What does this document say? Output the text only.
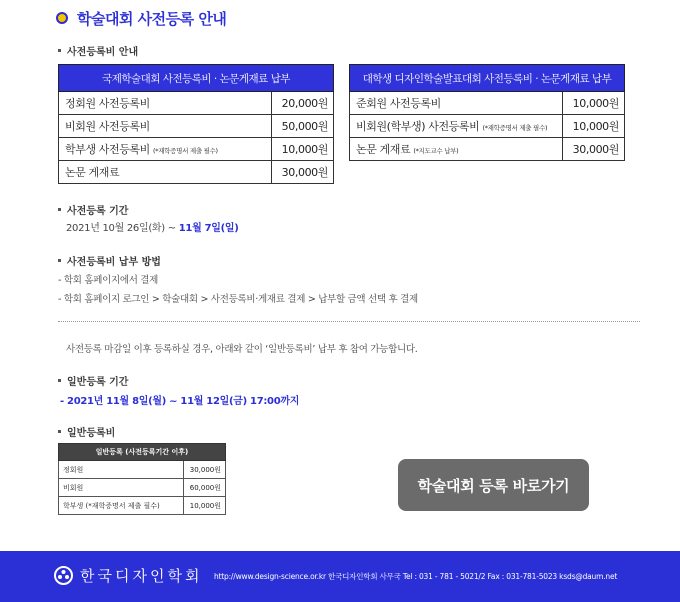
학술대회 사전등록 안내
사전등록비 안내
국제학술대회 사전등록비 · 논문게재료 납부	
정회원 사전등록비	20,000원
비회원 사전등록비	50,000원
학부생 사전등록비 (*재학증명서 제출 필수)	10,000원
논문 게재료	30,000원
대학생 디자인학술발표대회 사전등록비 · 논문게재료 납부	
준회원 사전등록비	10,000원
비회원(학부생) 사전등록비 (*재학증명서 제출 필수)	10,000원
논문 게재료 (*지도교수 납부)	30,000원
사전등록 기간
2021년 10월 26일(화) ~ 11월 7일(일)
사전등록비 납부 방법
- 학회 홈페이지에서 결제
- 학회 홈페이지 로그인 > 학술대회 > 사전등록비·게재료 결제 > 납부할 금액 선택 후 결제
사전등록 마감일 이후 등록하실 경우, 아래와 같이 ‘일반등록비’ 납부 후 참여 가능합니다.
일반등록 기간
- 2021년 11월 8일(월) ~ 11월 12일(금) 17:00까지
일반등록비
일반등록 (사전등록기간 이후)	
정회원	30,000원
비회원	60,000원
학부생 (*재학증명서 제출 필수)	10,000원
학술대회 등록 바로가기
한국디자인학회 http://www.design-science.or.kr 한국디자인학회 사무국 Tel : 031 - 781 - 5021/2 Fax : 031-781-5023 ksds@daum.net
